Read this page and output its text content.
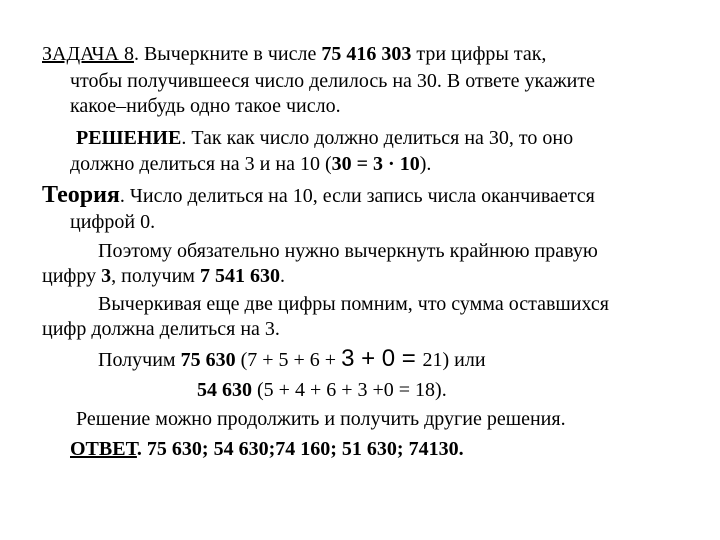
ЗАДАЧА 8. Вычеркните в числе 75 416 303 три цифры так,
чтобы получившееся число делилось на 30. В ответе укажите
какое–нибудь одно такое число.
РЕШЕНИЕ. Так как число должно делиться на 30, то оно
должно делиться на 3 и на 10 (30 = 3 · 10).
Теория. Число делиться на 10, если запись числа оканчивается
цифрой 0.
Поэтому обязательно нужно вычеркнуть крайнюю правую
цифру 3, получим 7 541 630.
Вычеркивая еще две цифры помним, что сумма оставшихся
цифр должна делиться на 3.
Получим 75 630 (7 + 5 + 6 + 3 + 0 = 21) или
54 630 (5 + 4 + 6 + 3 +0 = 18).
Решение можно продолжить и получить другие решения.
ОТВЕТ. 75 630; 54 630;74 160; 51 630; 74130.
